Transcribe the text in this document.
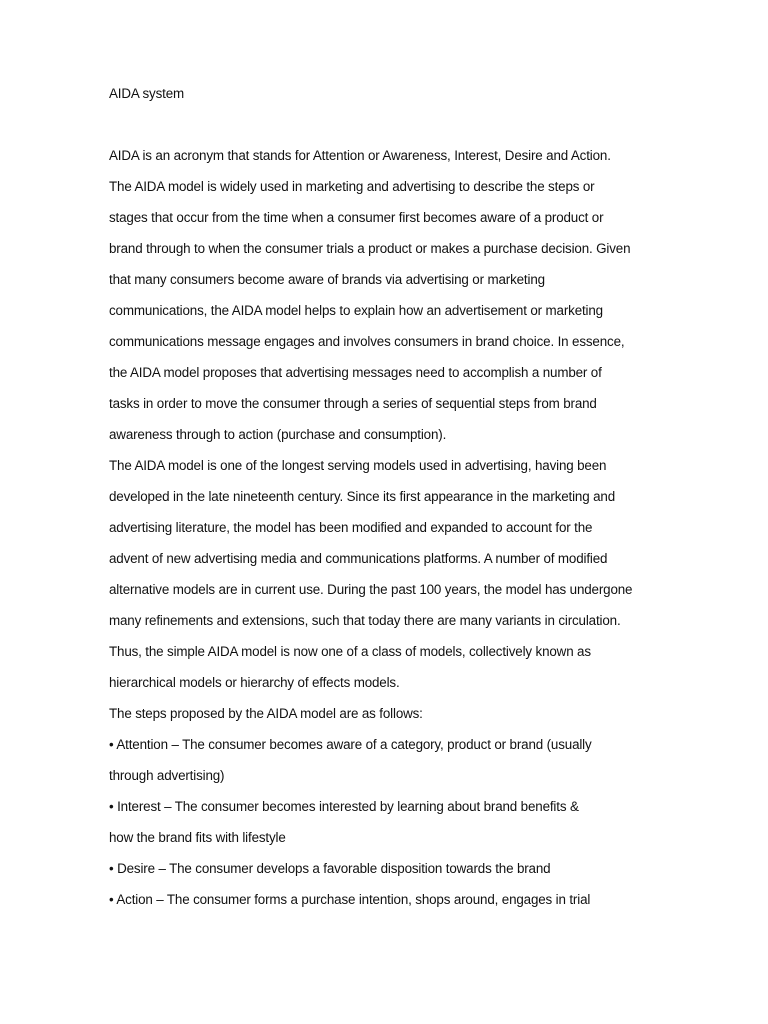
AIDA system

AIDA is an acronym that stands for Attention or Awareness, Interest, Desire and Action.

The AIDA model is widely used in marketing and advertising to describe the steps or

stages that occur from the time when a consumer first becomes aware of a product or

brand through to when the consumer trials a product or makes a purchase decision. Given

that many consumers become aware of brands via advertising or marketing

communications, the AIDA model helps to explain how an advertisement or marketing

communications message engages and involves consumers in brand choice. In essence,

the AIDA model proposes that advertising messages need to accomplish a number of

tasks in order to move the consumer through a series of sequential steps from brand

awareness through to action (purchase and consumption).

The AIDA model is one of the longest serving models used in advertising, having been

developed in the late nineteenth century. Since its first appearance in the marketing and

advertising literature, the model has been modified and expanded to account for the

advent of new advertising media and communications platforms. A number of modified

alternative models are in current use. During the past 100 years, the model has undergone

many refinements and extensions, such that today there are many variants in circulation.

Thus, the simple AIDA model is now one of a class of models, collectively known as

hierarchical models or hierarchy of effects models.

The steps proposed by the AIDA model are as follows:

• Attention – The consumer becomes aware of a category, product or brand (usually

through advertising)

• Interest – The consumer becomes interested by learning about brand benefits &

how the brand fits with lifestyle

• Desire – The consumer develops a favorable disposition towards the brand

• Action – The consumer forms a purchase intention, shops around, engages in trial
